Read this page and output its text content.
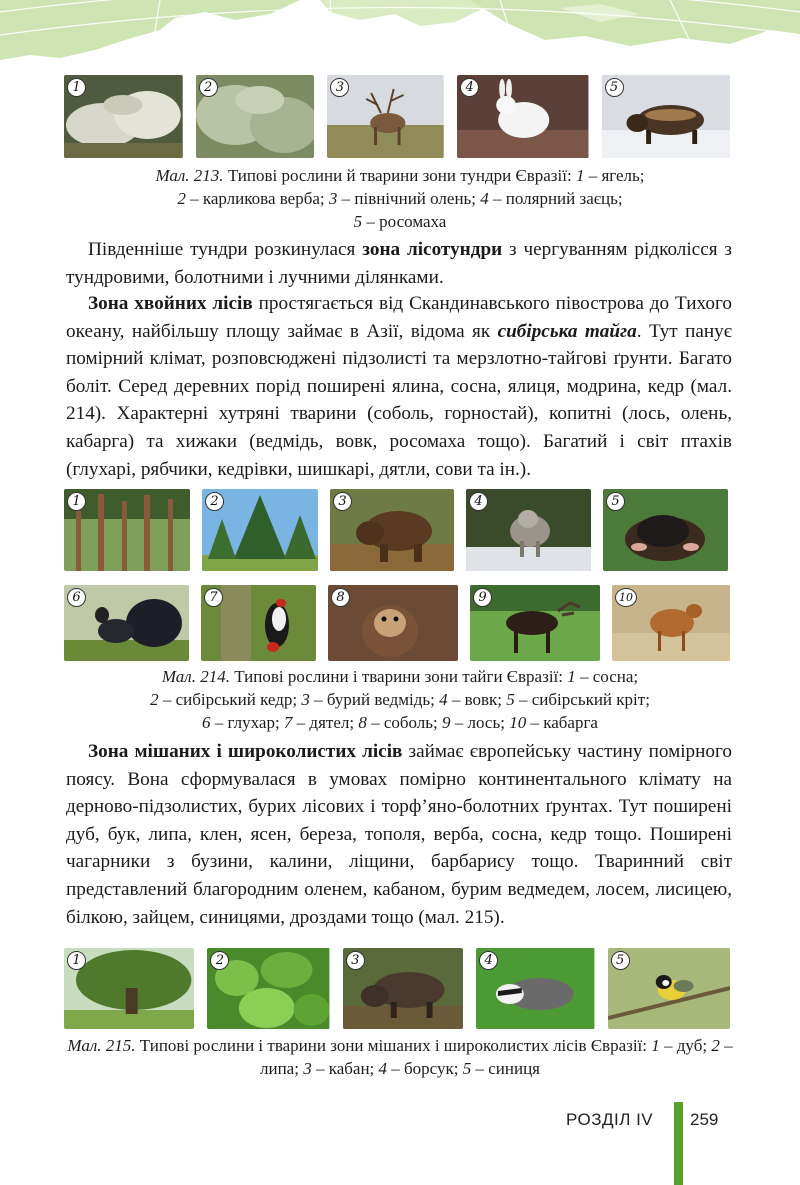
1	2	3	4	5
Мал. 213. Типові рослини й тварини зони тундри Євразії: 1 – ягель;
2 – карликова верба; 3 – північний олень; 4 – полярний заєць;
5 – росомаха
Південніше тундри розкинулася зона лісотундри з чергуванням рідколісся з тундровими, болотними і лучними ділянками.
Зона хвойних лісів простягається від Скандинавського півострова до Тихого океану, найбільшу площу займає в Азії, відома як сибірська тайга. Тут панує помірний клімат, розповсюджені підзолисті та мерзлотно-тайгові ґрунти. Багато боліт. Серед деревних порід поширені ялина, сосна, ялиця, модрина, кедр (мал. 214). Характерні хутряні тварини (соболь, горностай), копитні (лось, олень, кабарга) та хижаки (ведмідь, вовк, росомаха тощо). Багатий і світ птахів (глухарі, рябчики, кедрівки, шишкарі, дятли, сови та ін.).
1	2	3	4	5
6	7	8	9	10
Мал. 214. Типові рослини і тварини зони тайги Євразії: 1 – сосна;
2 – сибірський кедр; 3 – бурий ведмідь; 4 – вовк; 5 – сибірський кріт;
6 – глухар; 7 – дятел; 8 – соболь; 9 – лось; 10 – кабарга
Зона мішаних і широколистих лісів займає європейську частину помірного поясу. Вона сформувалася в умовах помірно континентального клімату на дерново-підзолистих, бурих лісових і торф’яно-болотних ґрунтах. Тут поширені дуб, бук, липа, клен, ясен, береза, тополя, верба, сосна, кедр тощо. Поширені чагарники з бузини, калини, ліщини, барбарису тощо. Тваринний світ представлений благородним оленем, кабаном, бурим ведмедем, лосем, лисицею, білкою, зайцем, синицями, дроздами тощо (мал. 215).
1	2	3	4	5
Мал. 215. Типові рослини і тварини зони мішаних і широколистих лісів Євразії: 1 – дуб; 2 – липа; 3 – кабан; 4 – борсук; 5 – синиця
РОЗДІЛ IV 259
